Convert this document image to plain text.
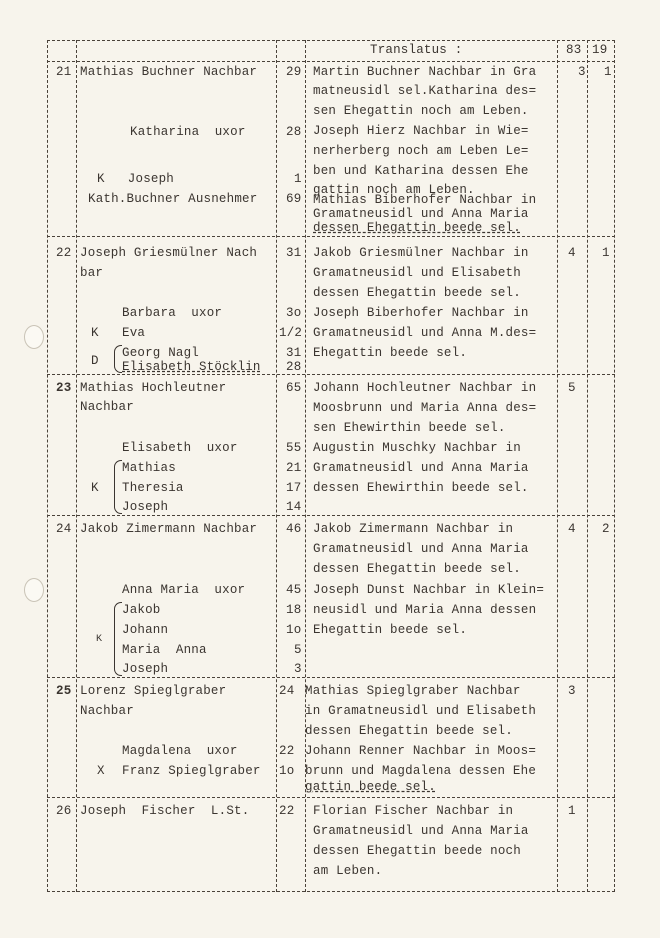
Translatus :	83 19
21 Mathias Buchner Nachbar
Katharina  uxor
K   Joseph
Kath.Buchner Ausnehmer
29
28
1
69
Martin Buchner Nachbar in Gra
matneusidl sel.Katharina des=
sen Ehegattin noch am Leben.
Joseph Hierz Nachbar in Wie=
nerherberg noch am Leben Le=
ben und Katharina dessen Ehe
gattin noch am Leben.
Mathias Biberhofer Nachbar in
Gramatneusidl und Anna Maria
dessen Ehegattin beede sel.
3 1
22 Joseph Griesmülner Nach
bar
Barbara  uxor
Eva
K
D
Georg Nagl
Elisabeth Stöcklin
31
3o
1/2
31
28
Jakob Griesmülner Nachbar in
Gramatneusidl und Elisabeth
dessen Ehegattin beede sel.
Joseph Biberhofer Nachbar in
Gramatneusidl und Anna M.des=
Ehegattin beede sel.
4 1
23 Mathias Hochleutner
Nachbar
Elisabeth  uxor
K
Mathias
Theresia
Joseph
65
55
21
17
14
Johann Hochleutner Nachbar in
Moosbrunn und Maria Anna des=
sen Ehewirthin beede sel.
Augustin Muschky Nachbar in
Gramatneusidl und Anna Maria
dessen Ehewirthin beede sel.
5
24 Jakob Zimermann Nachbar
Anna Maria  uxor
K
Jakob
Johann
Maria  Anna
Joseph
46
45
18
1o
5
3
Jakob Zimermann Nachbar in
Gramatneusidl und Anna Maria
dessen Ehegattin beede sel.
Joseph Dunst Nachbar in Klein=
neusidl und Maria Anna dessen
Ehegattin beede sel.
4 2
25 Lorenz Spieglgraber
Nachbar
Magdalena  uxor
X Franz Spieglgraber
24
22
1o
Mathias Spieglgraber Nachbar
in Gramatneusidl und Elisabeth
dessen Ehegattin beede sel.
Johann Renner Nachbar in Moos=
brunn und Magdalena dessen Ehe
gattin beede sel.
3
26 Joseph  Fischer  L.St. 22 Florian Fischer Nachbar in
Gramatneusidl und Anna Maria
dessen Ehegattin beede noch
am Leben.
1
